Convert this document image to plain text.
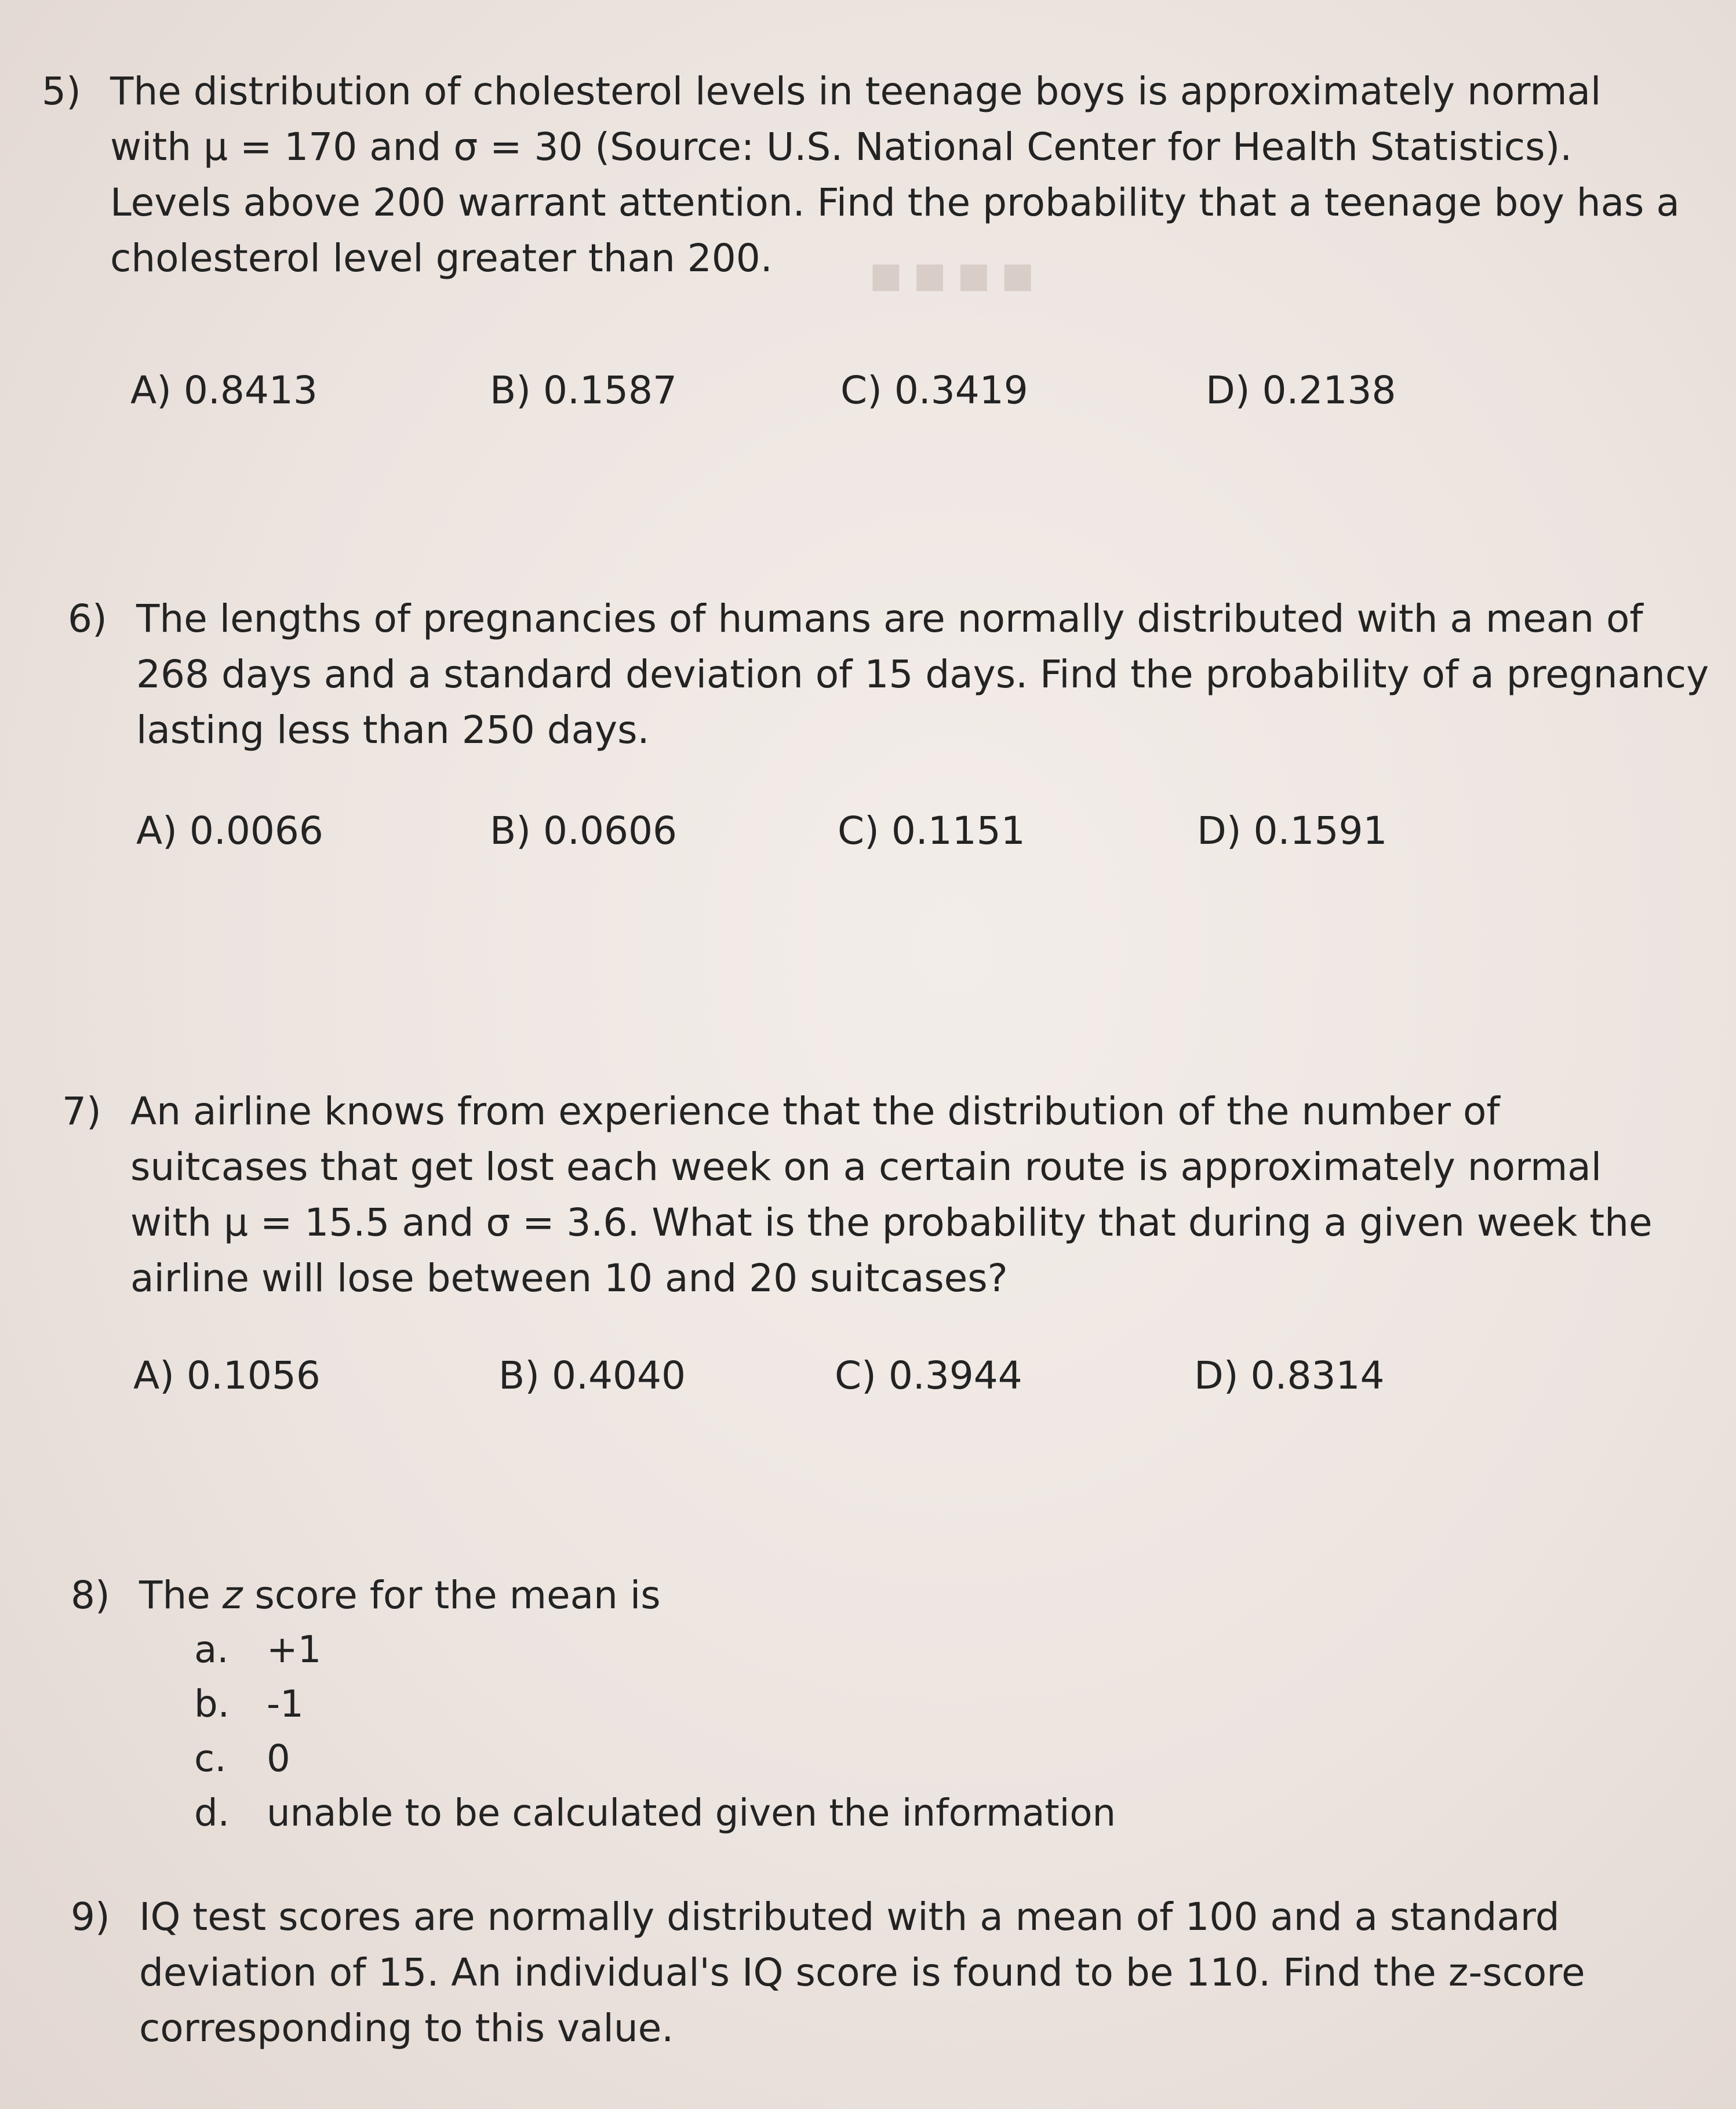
■ ■ ■ ■
5) The distribution of cholesterol levels in teenage boys is approximately normal
with μ = 170 and σ = 30 (Source: U.S. National Center for Health Statistics).
Levels above 200 warrant attention. Find the probability that a teenage boy has a
cholesterol level greater than 200.
A) 0.8413	B) 0.1587	C) 0.3419	D) 0.2138
6) The lengths of pregnancies of humans are normally distributed with a mean of
268 days and a standard deviation of 15 days. Find the probability of a pregnancy
lasting less than 250 days.
A) 0.0066	B) 0.0606	C) 0.1151	D) 0.1591
7) An airline knows from experience that the distribution of the number of
suitcases that get lost each week on a certain route is approximately normal
with μ = 15.5 and σ = 3.6. What is the probability that during a given week the
airline will lose between 10 and 20 suitcases?
A) 0.1056	B) 0.4040	C) 0.3944	D) 0.8314
8) The z score for the mean is
a. +1
b. -1
c. 0
d. unable to be calculated given the information
9) IQ test scores are normally distributed with a mean of 100 and a standard
deviation of 15. An individual's IQ score is found to be 110. Find the z-score
corresponding to this value.
